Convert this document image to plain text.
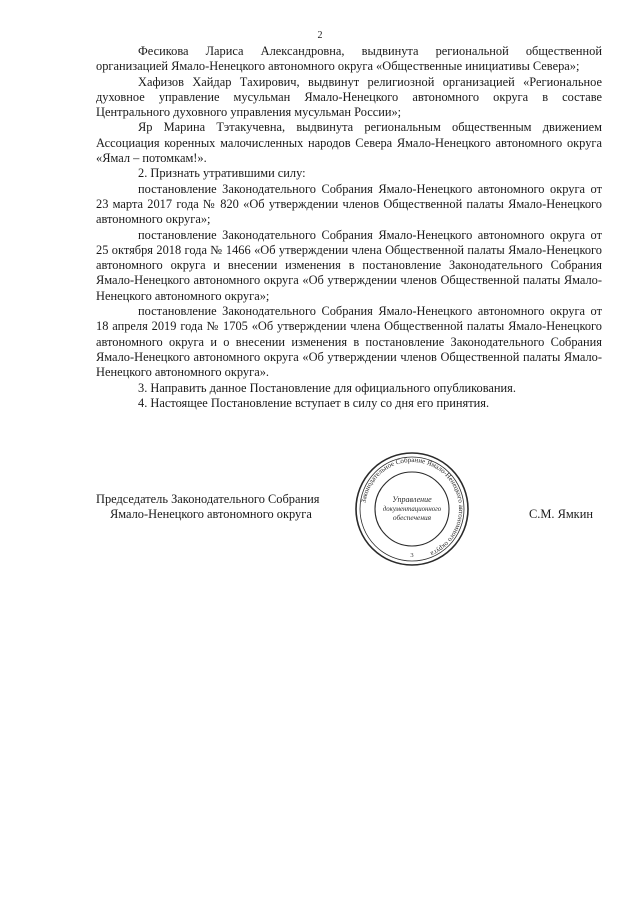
2

Фесикова Лариса Александровна, выдвинута региональной общественной организацией Ямало-Ненецкого автономного округа «Общественные инициативы Севера»;

Хафизов Хайдар Тахирович, выдвинут религиозной организацией «Региональное духовное управление мусульман Ямало-Ненецкого автономного округа в составе Центрального духовного управления мусульман России»;

Яр Марина Тэтакучевна, выдвинута региональным общественным движением Ассоциация коренных малочисленных народов Севера Ямало-Ненецкого автономного округа «Ямал – потомкам!».

2. Признать утратившими силу:

постановление Законодательного Собрания Ямало-Ненецкого автономного округа от 23 марта 2017 года № 820 «Об утверждении членов Общественной палаты Ямало-Ненецкого автономного округа»;

постановление Законодательного Собрания Ямало-Ненецкого автономного округа от 25 октября 2018 года № 1466 «Об утверждении члена Общественной палаты Ямало-Ненецкого автономного округа и внесении изменения в постановление Законодательного Собрания Ямало-Ненецкого автономного округа «Об утверждении членов Общественной палаты Ямало-Ненецкого автономного округа»;

постановление Законодательного Собрания Ямало-Ненецкого автономного округа от 18 апреля 2019 года № 1705 «Об утверждении члена Общественной палаты Ямало-Ненецкого автономного округа и о внесении изменения в постановление Законодательного Собрания Ямало-Ненецкого автономного округа «Об утверждении членов Общественной палаты Ямало-Ненецкого автономного округа».

3. Направить данное Постановление для официального опубликования.

4. Настоящее Постановление вступает в силу со дня его принятия.

Председатель Законодательного Собрания
Ямало-Ненецкого автономного округа	С.М. Ямкин
Законодательное Собрание Ямало-Ненецкого автономного округа
Управление
документационного
обеспечения
3
